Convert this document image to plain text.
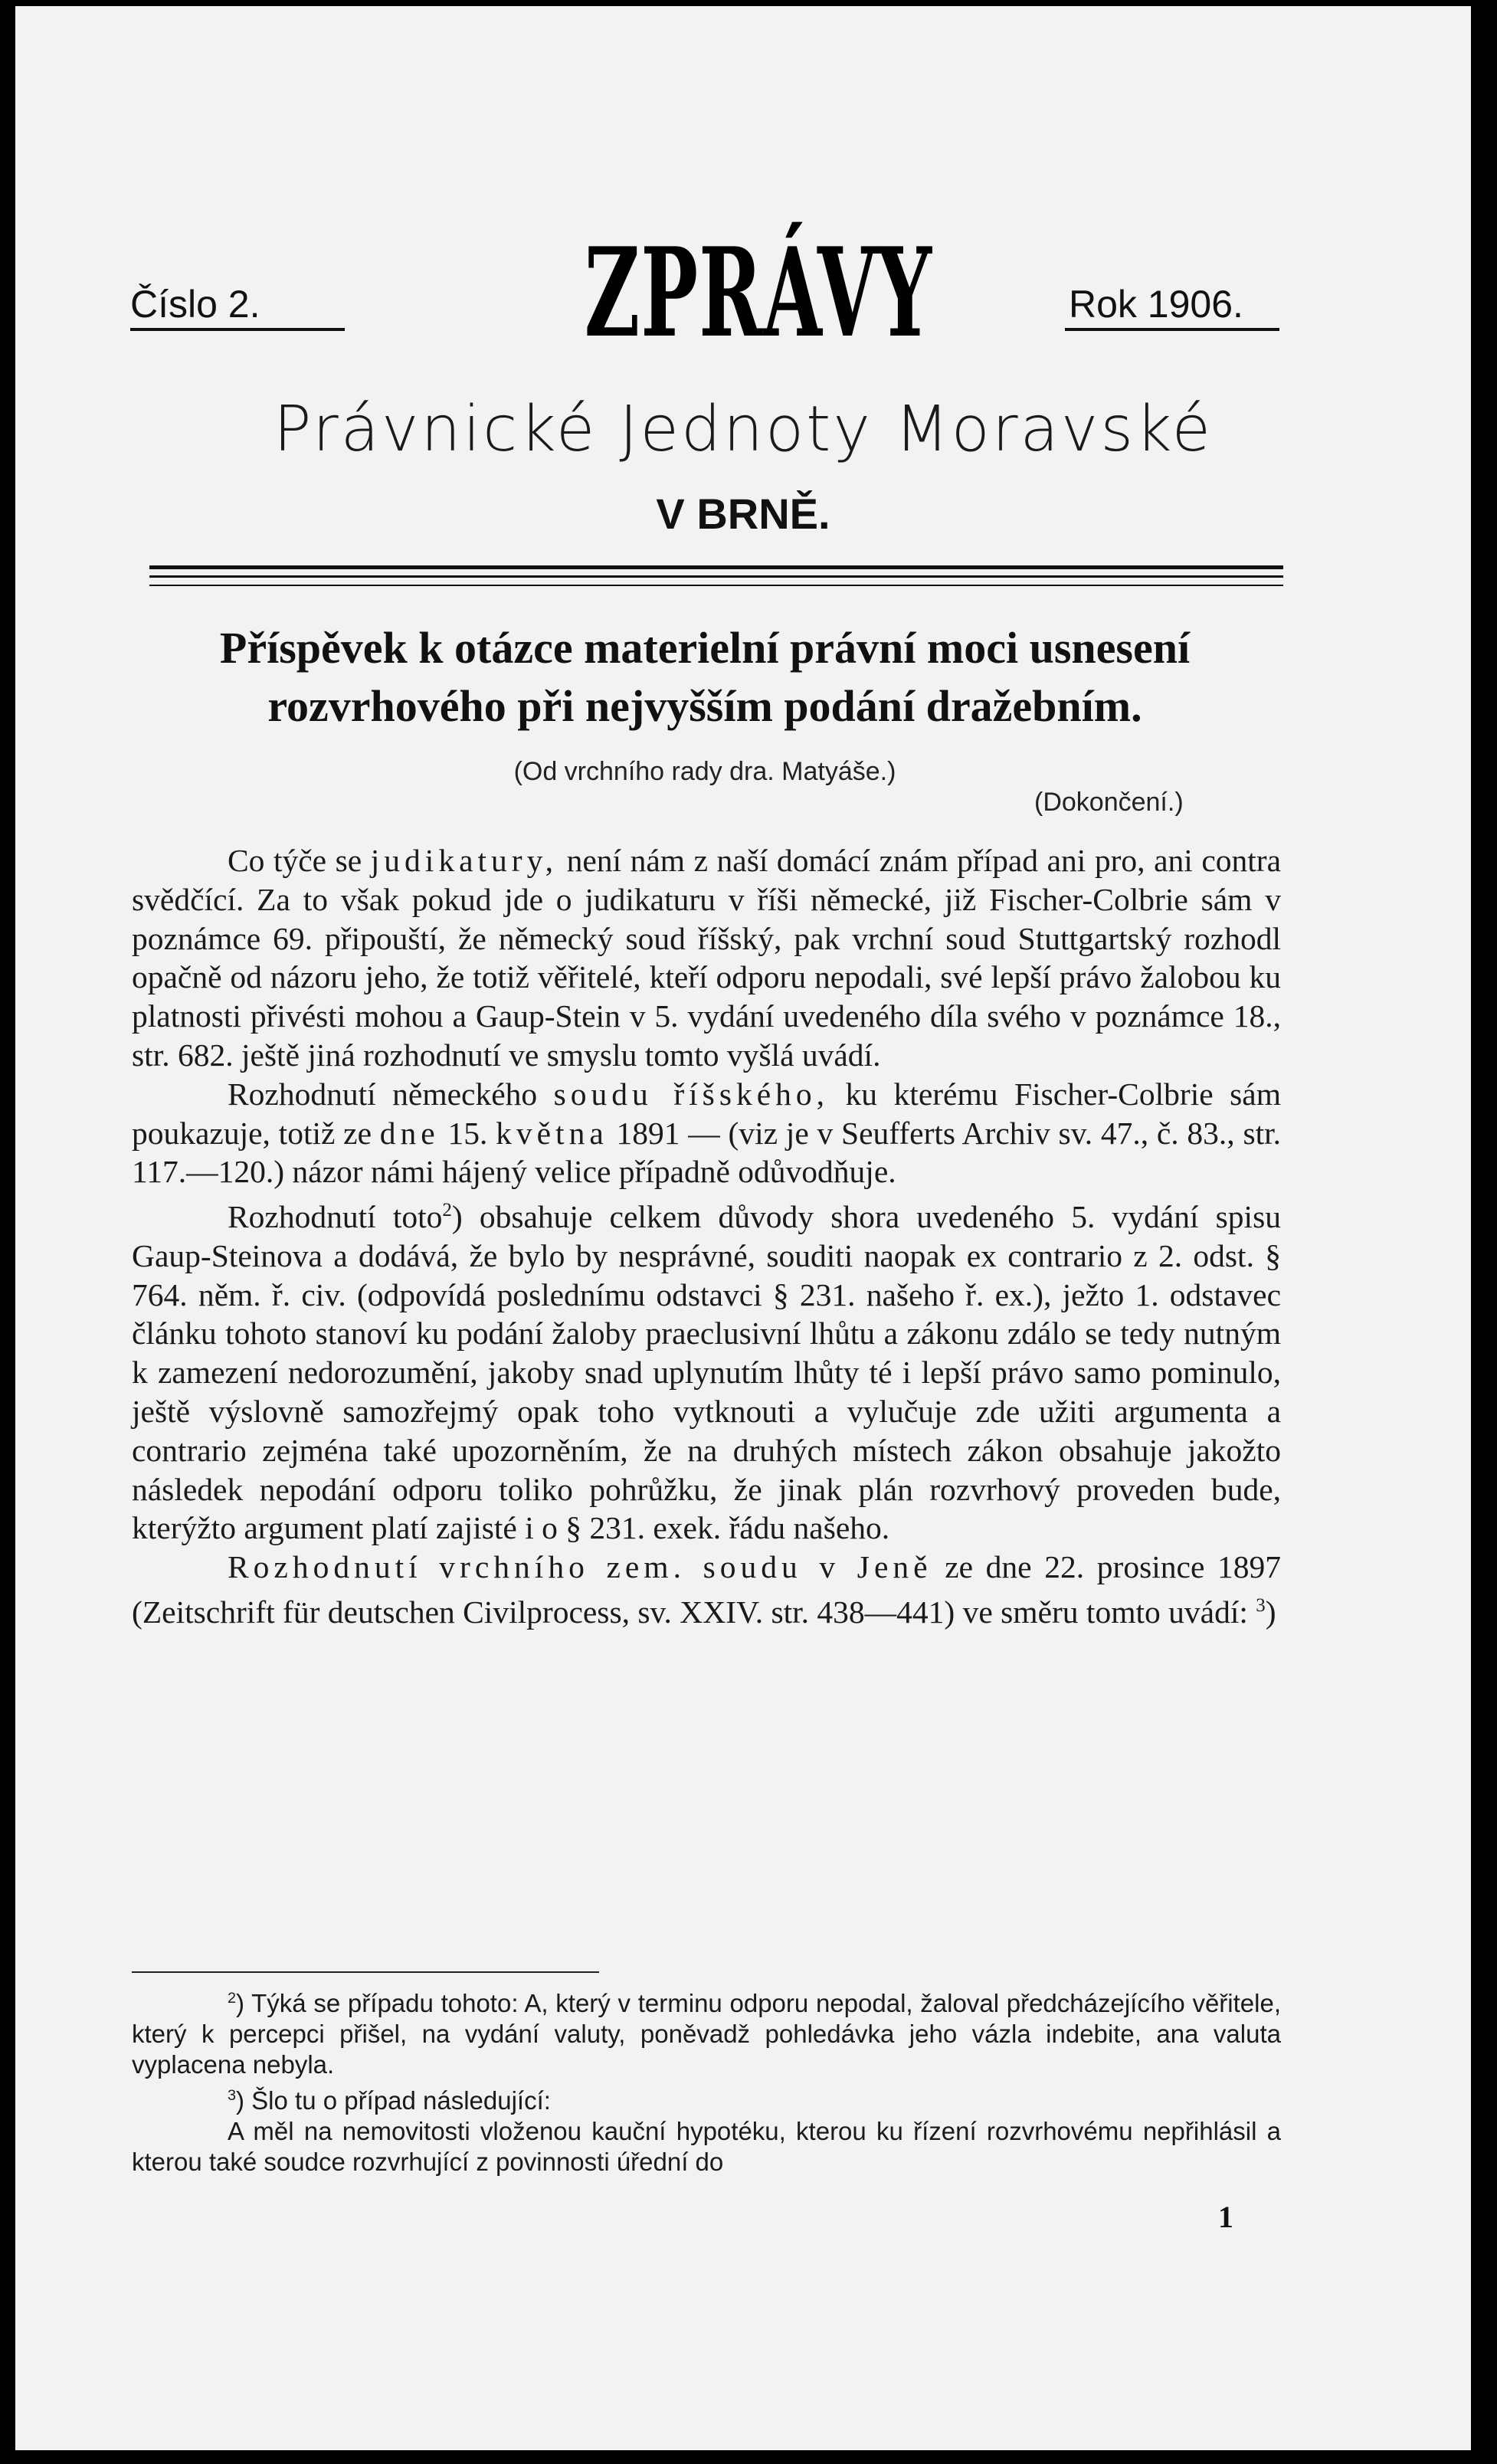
Číslo 2.	ZPRÁVY	Rok 1906.
Právnické Jednoty Moravské
V BRNĚ.
Příspěvek k otázce materielní právní moci usnesení
rozvrhového při nejvyšším podání dražebním.
(Od vrchního rady dra. Matyáše.)
(Dokončení.)

Co týče se judikatury, není nám z naší domácí znám případ ani pro, ani contra svědčící. Za to však pokud jde o judikaturu v říši německé, již Fischer-Colbrie sám v poznámce 69. připouští, že německý soud říšský, pak vrchní soud Stuttgartský rozhodl opačně od názoru jeho, že totiž věřitelé, kteří odporu nepodali, své lepší právo žalobou ku platnosti přivésti mohou a Gaup-Stein v 5. vydání uvedeného díla svého v poznámce 18., str. 682. ještě jiná rozhodnutí ve smyslu tomto vyšlá uvádí.

Rozhodnutí německého soudu říšského, ku kterému Fischer-Colbrie sám poukazuje, totiž ze dne 15. května 1891 — (viz je v Seufferts Archiv sv. 47., č. 83., str. 117.—120.) názor námi hájený velice případně odůvodňuje.

Rozhodnutí toto$^2$) obsahuje celkem důvody shora uvedeného 5. vydání spisu Gaup-Steinova a dodává, že bylo by nesprávné, souditi naopak ex contrario z 2. odst. § 764. něm. ř. civ. (odpovídá poslednímu odstavci § 231. našeho ř. ex.), ježto 1. odstavec článku tohoto stanoví ku podání žaloby praeclusivní lhůtu a zákonu zdálo se tedy nutným k zamezení nedorozumění, jakoby snad uplynutím lhůty té i lepší právo samo pominulo, ještě výslovně samozřejmý opak toho vytknouti a vylučuje zde užiti argumenta a contrario zejména také upozorněním, že na druhých místech zákon obsahuje jakožto následek nepodání odporu toliko pohrůžku, že jinak plán rozvrhový proveden bude, kterýžto argument platí zajisté i o § 231. exek. řádu našeho.

Rozhodnutí vrchního zem. soudu v Jeně ze dne 22. prosince 1897 (Zeitschrift für deutschen Civilprocess, sv. XXIV. str. 438—441) ve směru tomto uvádí: $^3$)

$^2$) Týká se případu tohoto: A, který v terminu odporu nepodal, žaloval předcházejícího věřitele, který k percepci přišel, na vydání valuty, poněvadž pohledávka jeho vázla indebite, ana valuta vyplacena nebyla.

$^3$) Šlo tu o případ následující:

A měl na nemovitosti vloženou kauční hypotéku, kterou ku řízení rozvrhovému nepřihlásil a kterou také soudce rozvrhující z povinnosti úřední do

1
